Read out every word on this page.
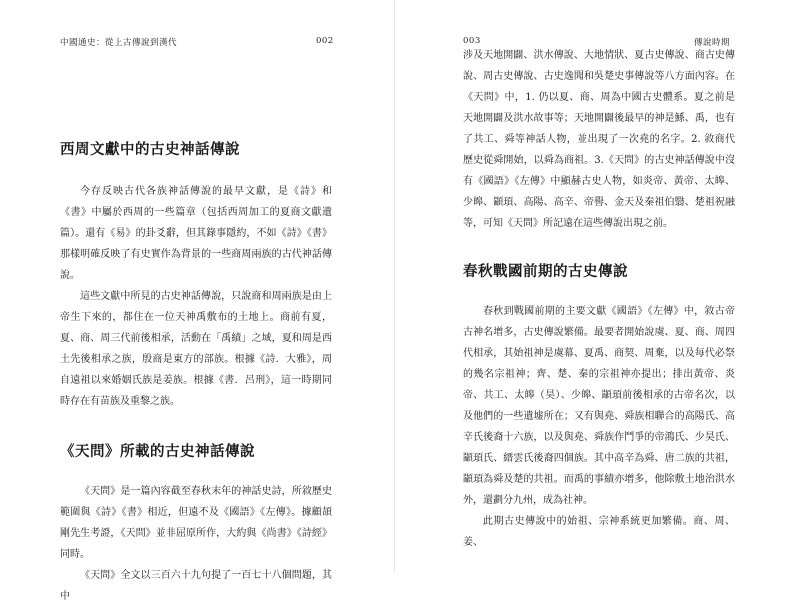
中國通史：從上古傳說到漢代	002
西周文獻中的古史神話傳說

今存反映古代各族神話傳說的最早文獻，是《詩》和《書》中屬於西周的一些篇章（包括西周加工的夏商文獻遺篇）。還有《易》的卦爻辭，但其錄事隱約，不如《詩》《書》那樣明確反映了有史實作為背景的一些商周兩族的古代神話傳說。

這些文獻中所見的古史神話傳說，只說商和周兩族是由上帝生下來的，都住在一位天神禹敷布的土地上。商前有夏，夏、商、周三代前後相承，活動在「禹績」之域，夏和周是西土先後相承之族，殷商是東方的部族。根據《詩．大雅》，周自遠祖以來婚姻氏族是姜族。根據《書．呂刑》，這一時期同時存在有苗族及重黎之族。

《天問》所載的古史神話傳說

《天問》是一篇內容截至春秋末年的神話史詩，所敘歷史範圍與《詩》《書》相近，但遠不及《國語》《左傳》。據顧頡剛先生考證，《天問》並非屈原所作，大約與《尚書》《詩經》同時。

《天問》全文以三百六十九句提了一百七十八個問題，其中

003	傳說時期

涉及天地開闢、洪水傳說、大地情狀、夏古史傳說、商古史傳說、周古史傳說、古史逸聞和吳楚史事傳說等八方面內容。在《天問》中，1. 仍以夏、商、周為中國古史體系。夏之前是天地開闢及洪水故事等；天地開闢後最早的神是鯀、禹，也有了共工、舜等神話人物，並出現了一次堯的名字。2. 敘商代歷史從舜開始，以舜為商祖。3.《天問》的古史神話傳說中沒有《國語》《左傳》中顯赫古史人物，如炎帝、黃帝、太皞、少皞、顓頊、高陽、高辛、帝嚳、金天及秦祖伯翳、楚祖祝融等，可知《天問》所記遠在這些傳說出現之前。

春秋戰國前期的古史傳說

春秋到戰國前期的主要文獻《國語》《左傳》中，敘古帝古神名增多，古史傳說繁備。最要者開始說虞、夏、商、周四代相承，其始祖神是虞幕、夏禹、商契、周棄，以及每代必祭的幾名宗祖神；齊、楚、秦的宗祖神亦提出；排出黃帝、炎帝、共工、太皞（昊）、少皞、顓頊前後相承的古帝名次，以及他們的一些遺墟所在；又有與堯、舜族相聯合的高陽氏、高辛氏後裔十六族，以及與堯、舜族作鬥爭的帝鴻氏、少昊氏、顓頊氏、縉雲氏後裔四個族。其中高辛為舜、唐二族的共祖，顓頊為舜及楚的共祖。而禹的事績亦增多，他除敷土地治洪水外，還劃分九州，成為社神。

此期古史傳說中的始祖、宗神系統更加繁備。商、周、姜、
